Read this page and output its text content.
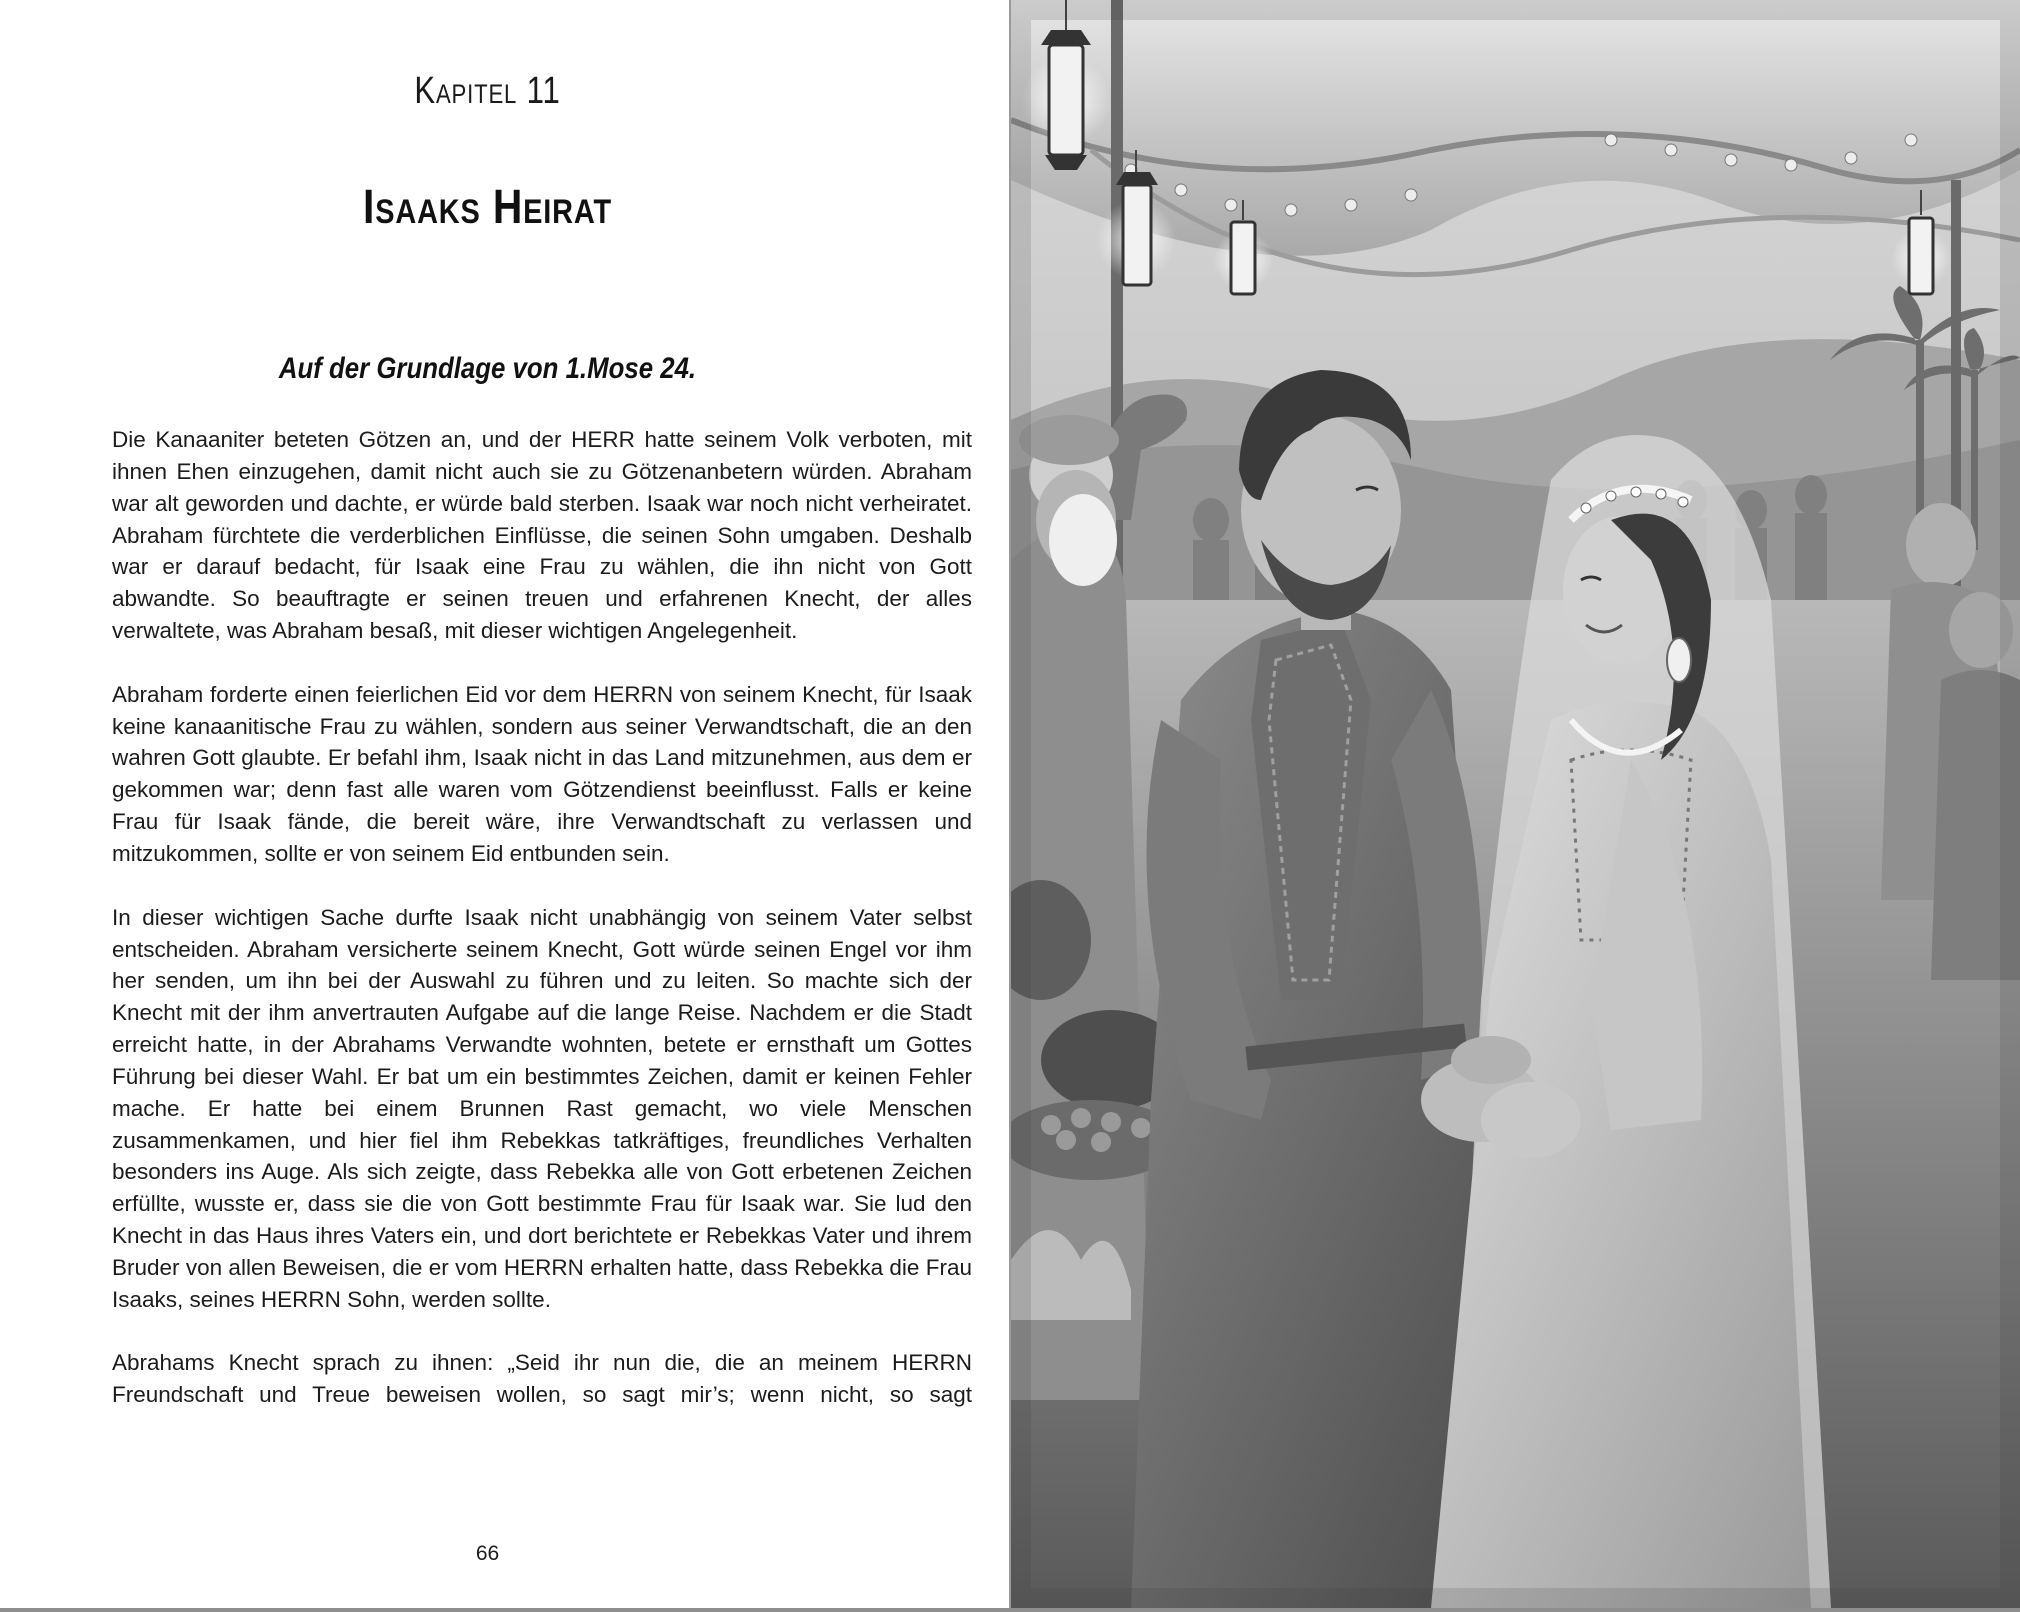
Kapitel 11
Isaaks Heirat
Auf der Grundlage von 1.Mose 24.

Die Kanaaniter beteten Götzen an, und der HERR hatte seinem Volk verboten, mit ihnen Ehen einzugehen, damit nicht auch sie zu Götzenanbetern würden. Abraham war alt geworden und dachte, er würde bald sterben. Isaak war noch nicht verheiratet. Abraham fürchtete die verderblichen Einflüsse, die seinen Sohn umgaben. Deshalb war er darauf bedacht, für Isaak eine Frau zu wählen, die ihn nicht von Gott abwandte. So beauftragte er seinen treuen und erfahrenen Knecht, der alles verwaltete, was Abraham besaß, mit dieser wichtigen Angelegenheit.

Abraham forderte einen feierlichen Eid vor dem HERRN von seinem Knecht, für Isaak keine kanaanitische Frau zu wählen, sondern aus seiner Verwandtschaft, die an den wahren Gott glaubte. Er befahl ihm, Isaak nicht in das Land mitzunehmen, aus dem er gekommen war; denn fast alle waren vom Götzendienst beeinflusst. Falls er keine Frau für Isaak fände, die bereit wäre, ihre Verwandtschaft zu verlassen und mitzukommen, sollte er von seinem Eid entbunden sein.

In dieser wichtigen Sache durfte Isaak nicht unabhängig von seinem Vater selbst entscheiden. Abraham versicherte seinem Knecht, Gott würde seinen Engel vor ihm her senden, um ihn bei der Auswahl zu führen und zu leiten. So machte sich der Knecht mit der ihm anvertrauten Aufgabe auf die lange Reise. Nachdem er die Stadt erreicht hatte, in der Abrahams Verwandte wohnten, betete er ernsthaft um Gottes Führung bei dieser Wahl. Er bat um ein bestimmtes Zeichen, damit er keinen Fehler mache. Er hatte bei einem Brunnen Rast gemacht, wo viele Menschen zusammenkamen, und hier fiel ihm Rebekkas tatkräftiges, freundliches Verhalten besonders ins Auge. Als sich zeigte, dass Rebekka alle von Gott erbetenen Zeichen erfüllte, wusste er, dass sie die von Gott bestimmte Frau für Isaak war. Sie lud den Knecht in das Haus ihres Vaters ein, und dort berichtete er Rebekkas Vater und ihrem Bruder von allen Beweisen, die er vom HERRN erhalten hatte, dass Rebekka die Frau Isaaks, seines HERRN Sohn, werden sollte.

Abrahams Knecht sprach zu ihnen: „Seid ihr nun die, die an meinem HERRN Freundschaft und Treue beweisen wollen, so sagt mir’s; wenn nicht, so sagt

66
